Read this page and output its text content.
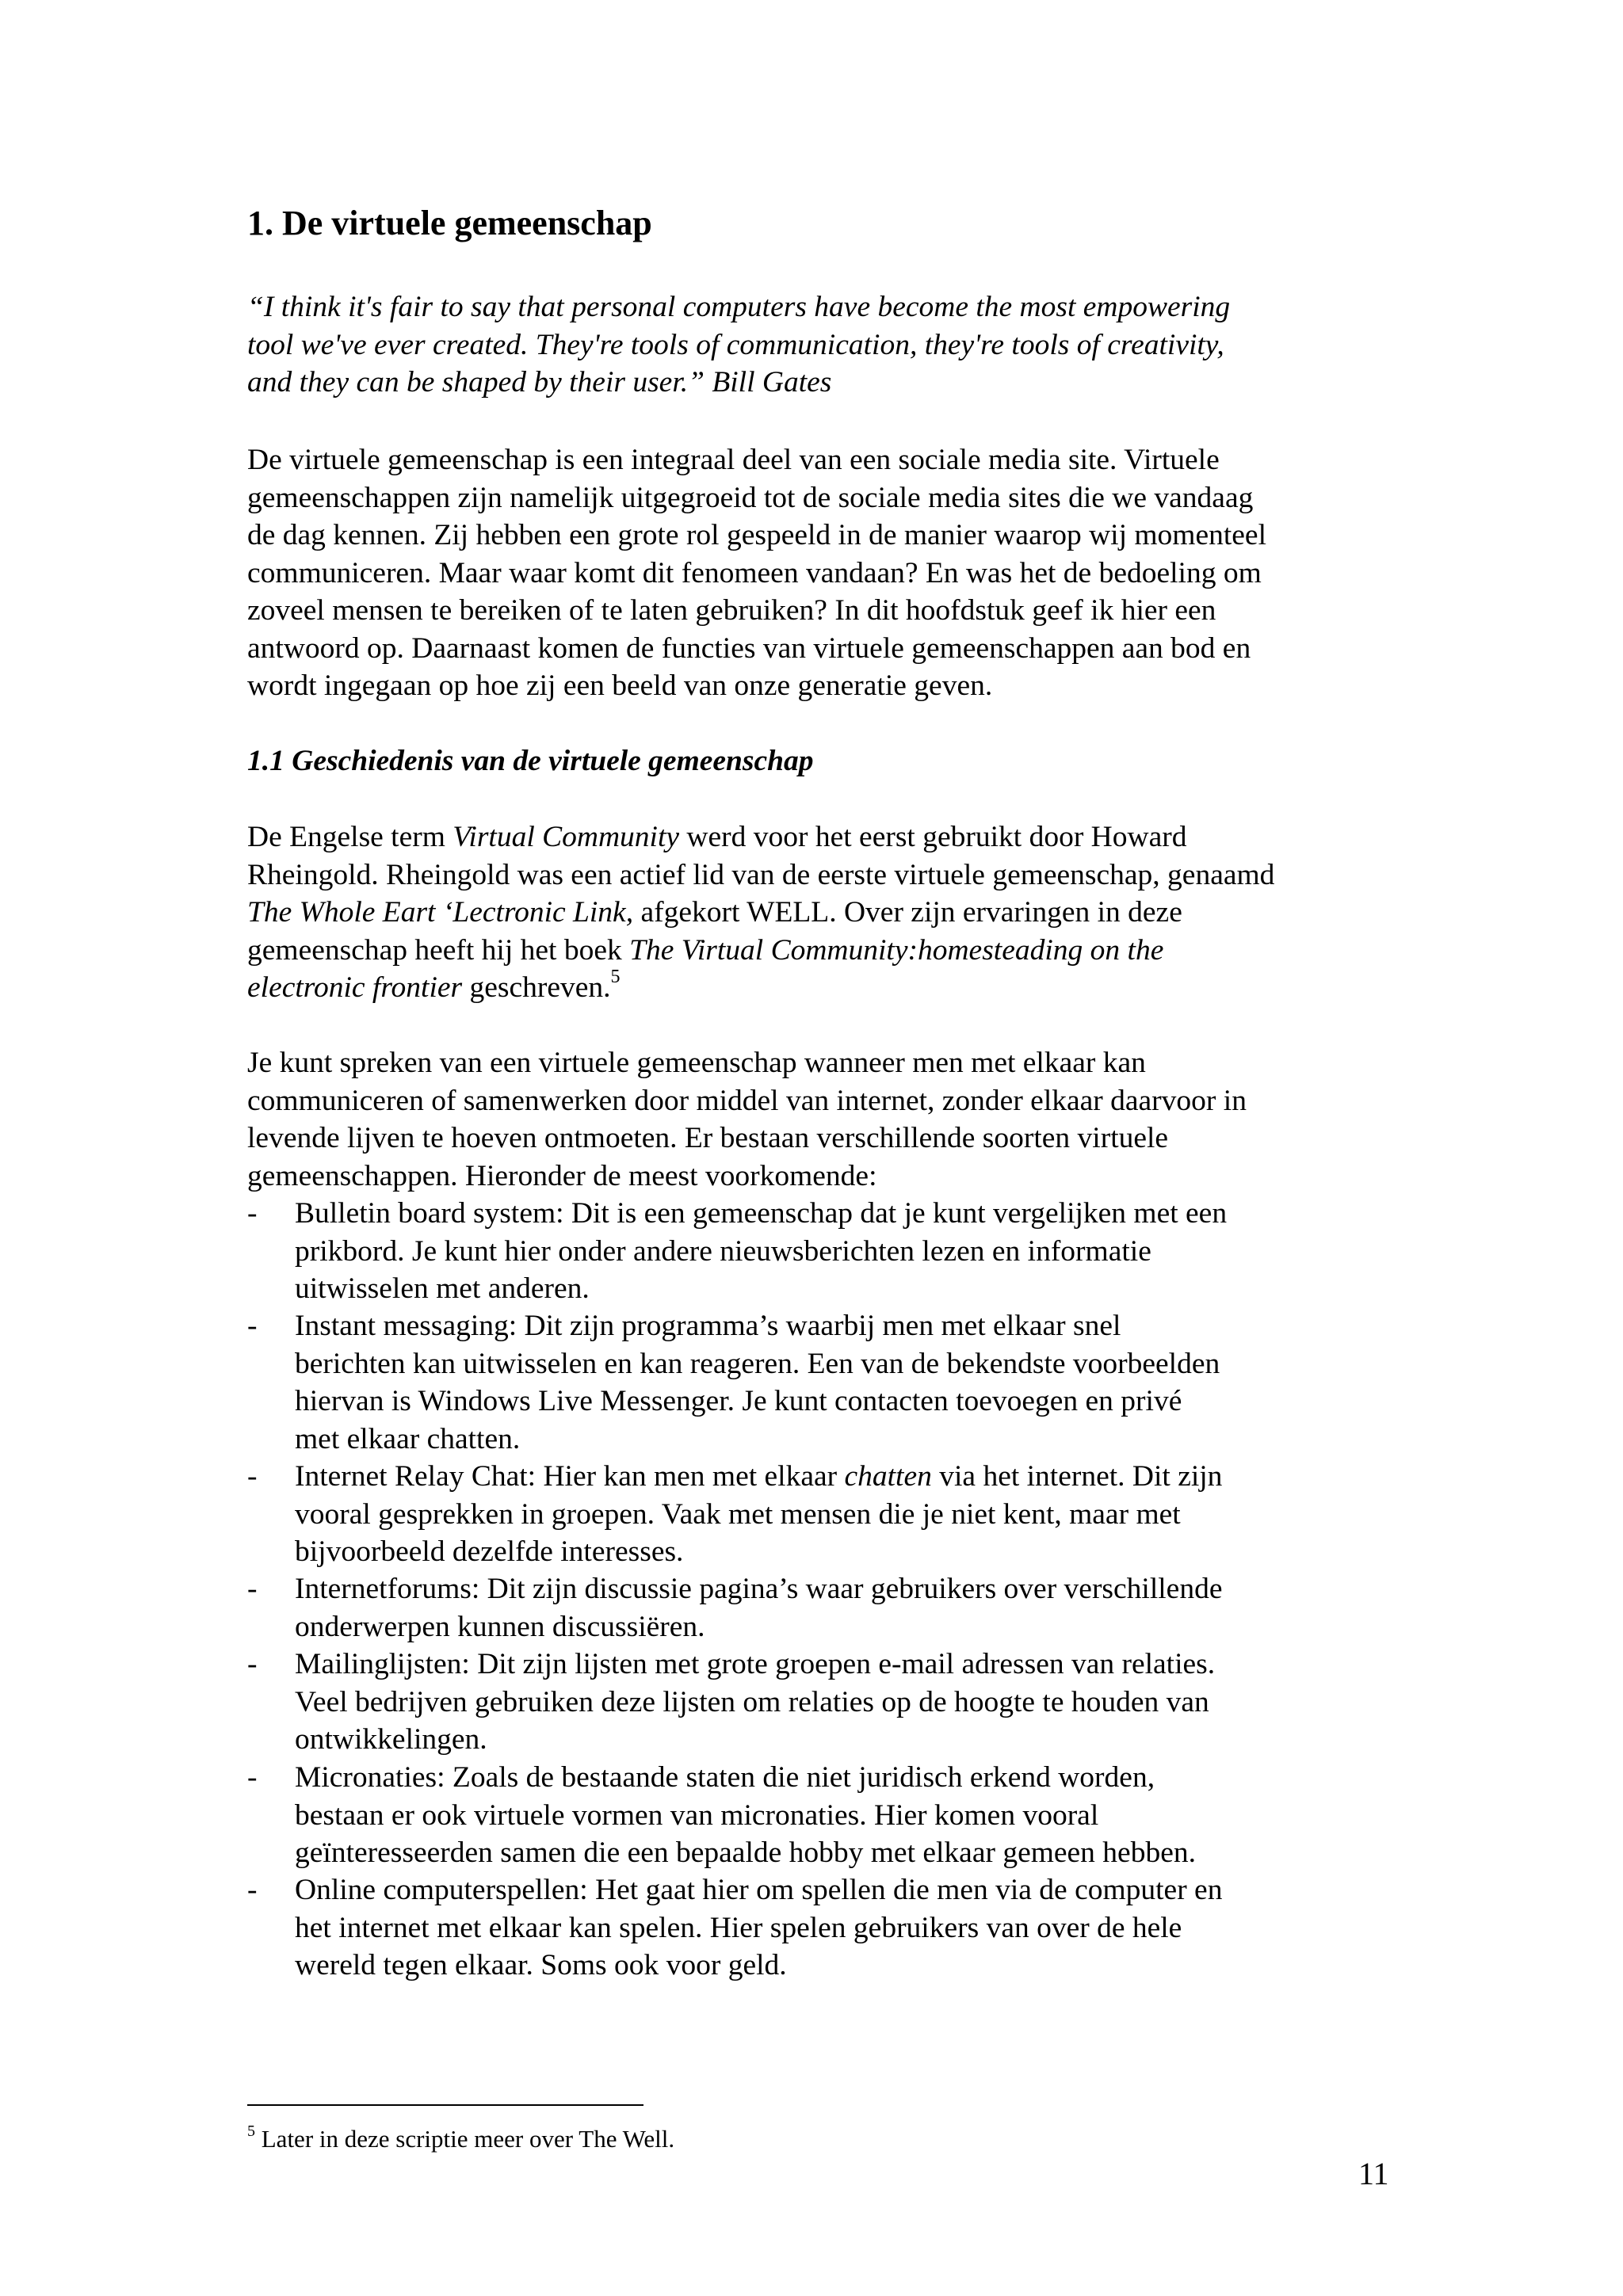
1. De virtuele gemeenschap
“I think it's fair to say that personal computers have become the most empowering
tool we've ever created. They're tools of communication, they're tools of creativity,
and they can be shaped by their user.” Bill Gates
De virtuele gemeenschap is een integraal deel van een sociale media site. Virtuele
gemeenschappen zijn namelijk uitgegroeid tot de sociale media sites die we vandaag
de dag kennen. Zij hebben een grote rol gespeeld in de manier waarop wij momenteel
communiceren. Maar waar komt dit fenomeen vandaan? En was het de bedoeling om
zoveel mensen te bereiken of te laten gebruiken? In dit hoofdstuk geef ik hier een
antwoord op. Daarnaast komen de functies van virtuele gemeenschappen aan bod en
wordt ingegaan op hoe zij een beeld van onze generatie geven.
1.1 Geschiedenis van de virtuele gemeenschap
De Engelse term Virtual Community werd voor het eerst gebruikt door Howard
Rheingold. Rheingold was een actief lid van de eerste virtuele gemeenschap, genaamd
The Whole Eart ‘Lectronic Link, afgekort WELL. Over zijn ervaringen in deze
gemeenschap heeft hij het boek The Virtual Community:homesteading on the
electronic frontier geschreven.$^5$
Je kunt spreken van een virtuele gemeenschap wanneer men met elkaar kan
communiceren of samenwerken door middel van internet, zonder elkaar daarvoor in
levende lijven te hoeven ontmoeten. Er bestaan verschillende soorten virtuele
gemeenschappen. Hieronder de meest voorkomende:
- Bulletin board system: Dit is een gemeenschap dat je kunt vergelijken met een
prikbord. Je kunt hier onder andere nieuwsberichten lezen en informatie
uitwisselen met anderen.
- Instant messaging: Dit zijn programma’s waarbij men met elkaar snel
berichten kan uitwisselen en kan reageren. Een van de bekendste voorbeelden
hiervan is Windows Live Messenger. Je kunt contacten toevoegen en privé
met elkaar chatten.
- Internet Relay Chat: Hier kan men met elkaar chatten via het internet. Dit zijn
vooral gesprekken in groepen. Vaak met mensen die je niet kent, maar met
bijvoorbeeld dezelfde interesses.
- Internetforums: Dit zijn discussie pagina’s waar gebruikers over verschillende
onderwerpen kunnen discussiëren.
- Mailinglijsten: Dit zijn lijsten met grote groepen e-mail adressen van relaties.
Veel bedrijven gebruiken deze lijsten om relaties op de hoogte te houden van
ontwikkelingen.
- Micronaties: Zoals de bestaande staten die niet juridisch erkend worden,
bestaan er ook virtuele vormen van micronaties. Hier komen vooral
geïnteresseerden samen die een bepaalde hobby met elkaar gemeen hebben.
- Online computerspellen: Het gaat hier om spellen die men via de computer en
het internet met elkaar kan spelen. Hier spelen gebruikers van over de hele
wereld tegen elkaar. Soms ook voor geld.
$^5$ Later in deze scriptie meer over The Well.
11
